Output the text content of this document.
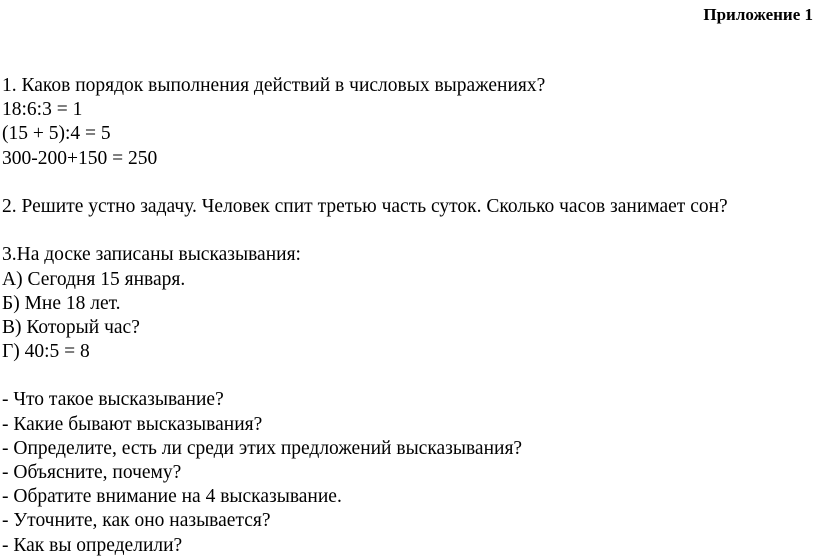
Приложение 1

1. Каков порядок выполнения действий в числовых выражениях?

18:6:3 = 1

(15 + 5):4 = 5

300-200+150 = 250

2. Решите устно задачу. Человек спит третью часть суток. Сколько часов занимает сон?

3.На доске записаны высказывания:

А) Сегодня 15 января.

Б) Мне 18 лет.

В) Который час?

Г) 40:5 = 8

- Что такое высказывание?

- Какие бывают высказывания?

- Определите, есть ли среди этих предложений высказывания?

- Объясните, почему?

- Обратите внимание на 4 высказывание.

- Уточните, как оно называется?

- Как вы определили?
